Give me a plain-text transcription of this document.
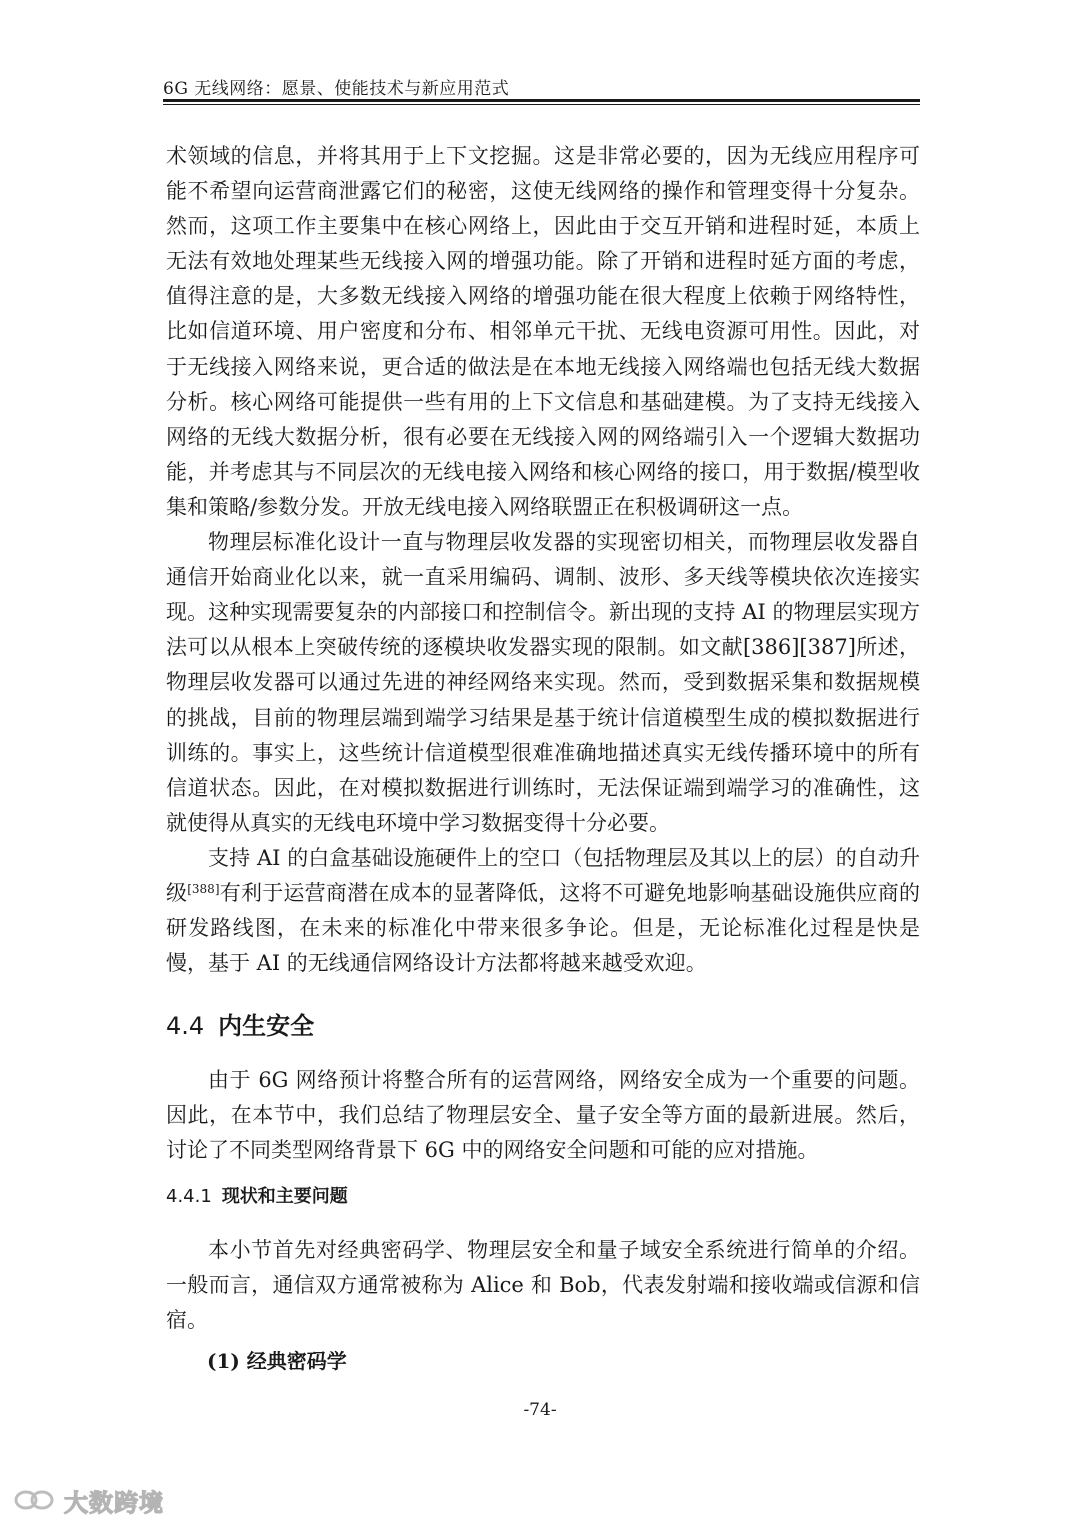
6G 无线网络：愿景、使能技术与新应用范式

术领域的信息，并将其用于上下文挖掘。这是非常必要的，因为无线应用程序可能不希望向运营商泄露它们的秘密，这使无线网络的操作和管理变得十分复杂。然而，这项工作主要集中在核心网络上，因此由于交互开销和进程时延，本质上无法有效地处理某些无线接入网的增强功能。除了开销和进程时延方面的考虑，值得注意的是，大多数无线接入网络的增强功能在很大程度上依赖于网络特性，比如信道环境、用户密度和分布、相邻单元干扰、无线电资源可用性。因此，对于无线接入网络来说，更合适的做法是在本地无线接入网络端也包括无线大数据分析。核心网络可能提供一些有用的上下文信息和基础建模。为了支持无线接入网络的无线大数据分析，很有必要在无线接入网的网络端引入一个逻辑大数据功能，并考虑其与不同层次的无线电接入网络和核心网络的接口，用于数据/模型收集和策略/参数分发。开放无线电接入网络联盟正在积极调研这一点。

物理层标准化设计一直与物理层收发器的实现密切相关，而物理层收发器自通信开始商业化以来，就一直采用编码、调制、波形、多天线等模块依次连接实现。这种实现需要复杂的内部接口和控制信令。新出现的支持 AI 的物理层实现方法可以从根本上突破传统的逐模块收发器实现的限制。如文献[386][387]所述，物理层收发器可以通过先进的神经网络来实现。然而，受到数据采集和数据规模的挑战，目前的物理层端到端学习结果是基于统计信道模型生成的模拟数据进行训练的。事实上，这些统计信道模型很难准确地描述真实无线传播环境中的所有信道状态。因此，在对模拟数据进行训练时，无法保证端到端学习的准确性，这就使得从真实的无线电环境中学习数据变得十分必要。

支持 AI 的白盒基础设施硬件上的空口（包括物理层及其以上的层）的自动升级[388]有利于运营商潜在成本的显著降低，这将不可避免地影响基础设施供应商的研发路线图，在未来的标准化中带来很多争论。但是，无论标准化过程是快是慢，基于 AI 的无线通信网络设计方法都将越来越受欢迎。

4.4 内生安全

由于 6G 网络预计将整合所有的运营网络，网络安全成为一个重要的问题。因此，在本节中，我们总结了物理层安全、量子安全等方面的最新进展。然后，讨论了不同类型网络背景下 6G 中的网络安全问题和可能的应对措施。

4.4.1 现状和主要问题

本小节首先对经典密码学、物理层安全和量子域安全系统进行简单的介绍。一般而言，通信双方通常被称为 Alice 和 Bob，代表发射端和接收端或信源和信宿。

(1) 经典密码学
-74-
大数跨境
